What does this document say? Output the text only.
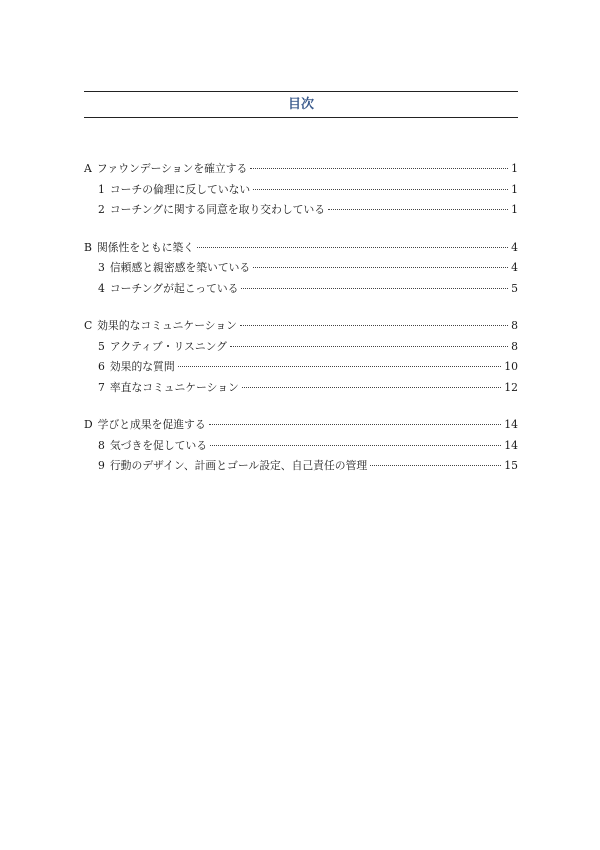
目次
A ファウンデーションを確立する	1
1 コーチの倫理に反していない	1
2 コーチングに関する同意を取り交わしている	1
B 関係性をともに築く	4
3 信頼感と親密感を築いている	4
4 コーチングが起こっている	5
C 効果的なコミュニケーション	8
5 アクティブ・リスニング	8
6 効果的な質問	10
7 率直なコミュニケーション	12
D 学びと成果を促進する	14
8 気づきを促している	14
9 行動のデザイン、計画とゴール設定、自己責任の管理	15
